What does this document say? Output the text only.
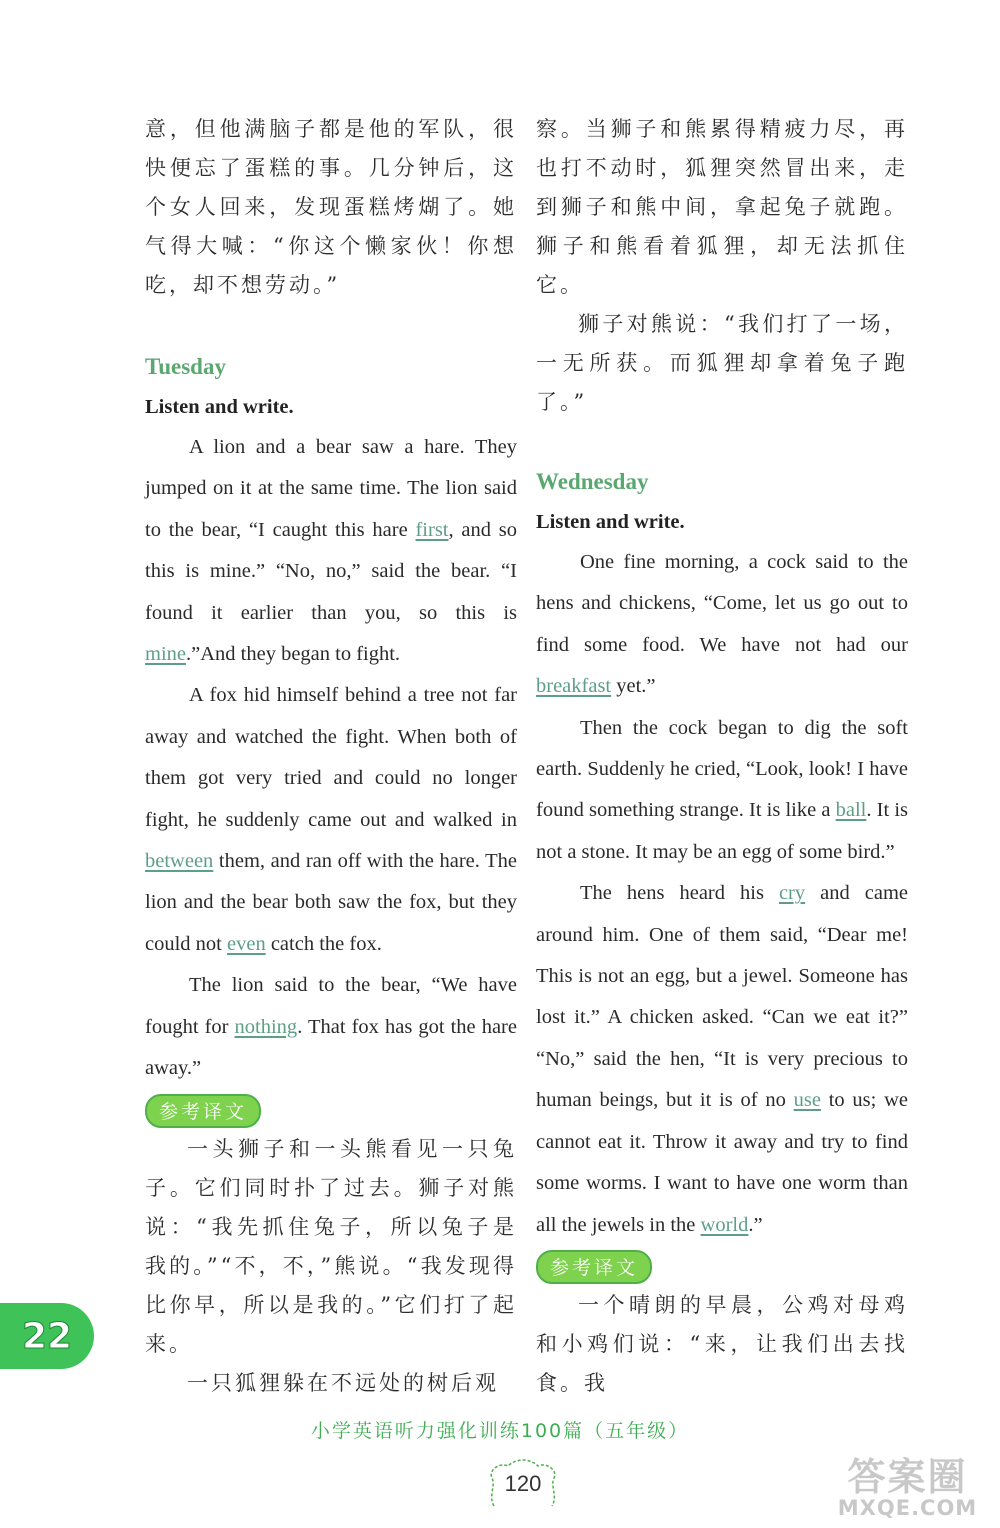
意，但他满脑子都是他的军队，很快便忘了蛋糕的事。几分钟后，这个女人回来，发现蛋糕烤煳了。她气得大喊：“你这个懒家伙！你想吃，却不想劳动。”

Tuesday

Listen and write.

A lion and a bear saw a hare. They jumped on it at the same time. The lion said to the bear, “I caught this hare first, and so this is mine.” “No, no,” said the bear. “I found it earlier than you, so this is mine.”And they began to fight.

A fox hid himself behind a tree not far away and watched the fight. When both of them got very tried and could no longer fight, he suddenly came out and walked in between them, and ran off with the hare. The lion and the bear both saw the fox, but they could not even catch the fox.

The lion said to the bear, “We have fought for nothing. That fox has got the hare away.”

参考译文

一头狮子和一头熊看见一只兔子。它们同时扑了过去。狮子对熊说：“我先抓住兔子，所以兔子是我的。”“不，不，”熊说。“我发现得比你早，所以是我的。”它们打了起来。

一只狐狸躲在不远处的树后观

察。当狮子和熊累得精疲力尽，再也打不动时，狐狸突然冒出来，走到狮子和熊中间，拿起兔子就跑。狮子和熊看着狐狸，却无法抓住它。

狮子对熊说：“我们打了一场，一无所获。而狐狸却拿着兔子跑了。”

Wednesday

Listen and write.

One fine morning, a cock said to the hens and chickens, “Come, let us go out to find some food. We have not had our breakfast yet.”

Then the cock began to dig the soft earth. Suddenly he cried, “Look, look! I have found something strange. It is like a ball. It is not a stone. It may be an egg of some bird.”

The hens heard his cry and came around him. One of them said, “Dear me! This is not an egg, but a jewel. Someone has lost it.” A chicken asked. “Can we eat it?” “No,” said the hen, “It is very precious to human beings, but it is of no use to us; we cannot eat it. Throw it away and try to find some worms. I want to have one worm than all the jewels in the world.”

参考译文

一个晴朗的早晨，公鸡对母鸡和小鸡们说：“来，让我们出去找食。我

22
小学英语听力强化训练100篇（五年级）
120	答案圈
MXQE.COM
